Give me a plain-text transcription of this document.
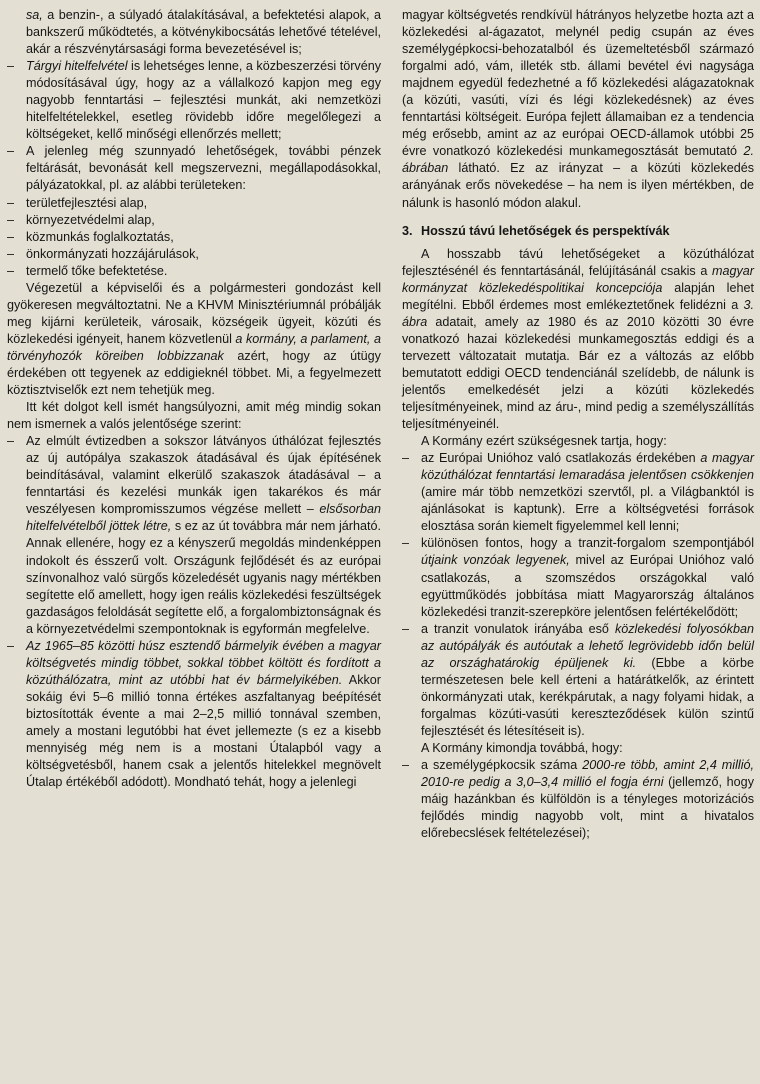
sa, a benzin-, a súlyadó átalakításával, a befektetési alapok, a bankszerű működtetés, a kötvénykibocsátás lehetővé tételével, akár a részvénytársasági forma bevezetésével is;
– Tárgyi hitelfelvétel is lehetséges lenne, a közbeszerzési törvény módosításával úgy, hogy az a vállalkozó kapjon meg egy nagyobb fenntartási – fejlesztési munkát, aki nemzetközi hitelfeltételekkel, esetleg rövidebb időre megelőlegezi a költségeket, kellő minőségi ellenőrzés mellett;
– A jelenleg még szunnyadó lehetőségek, további pénzek feltárását, bevonását kell megszervezni, megállapodásokkal, pályázatokkal, pl. az alábbi területeken:
– területfejlesztési alap,
– környezetvédelmi alap,
– közmunkás foglalkoztatás,
– önkormányzati hozzájárulások,
– termelő tőke befektetése.
Végezetül a képviselői és a polgármesteri gondozást kell gyökeresen megváltoztatni. Ne a KHVM Minisztériumnál próbálják meg kijárni kerületeik, városaik, községeik ügyeit, közúti és közlekedési igényeit, hanem közvetlenül a kormány, a parlament, a törvényhozók köreiben lobbizzanak azért, hogy az útügy érdekében ott tegyenek az eddigieknél többet. Mi, a fegyelmezett köztisztviselők ezt nem tehetjük meg.
Itt két dolgot kell ismét hangsúlyozni, amit még mindig sokan nem ismernek a valós jelentősége szerint:
– Az elmúlt évtizedben a sokszor látványos úthálózat fejlesztés az új autópálya szakaszok átadásával és újak építésének beindításával, valamint elkerülő szakaszok átadásával – a fenntartási és kezelési munkák igen takarékos és már veszélyesen kompromisszumos végzése mellett – elsősorban hitelfelvételből jöttek létre, s ez az út továbbra már nem járható. Annak ellenére, hogy ez a kényszerű megoldás mindenképpen indokolt és ésszerű volt. Országunk fejlődését és az európai színvonalhoz való sürgős közeledését ugyanis nagy mértékben segítette elő amellett, hogy igen reális közlekedési feszültségek gazdaságos feloldását segítette elő, a forgalombiztonságnak és a környezetvédelmi szempontoknak is egyformán megfelelve.
– Az 1965–85 közötti húsz esztendő bármelyik évében a magyar költségvetés mindig többet, sokkal többet költött és fordított a közúthálózatra, mint az utóbbi hat év bármelyikében. Akkor sokáig évi 5–6 millió tonna értékes aszfaltanyag beépítését biztosították évente a mai 2–2,5 millió tonnával szemben, amely a mostani legutóbbi hat évet jellemezte (s ez a kisebb mennyiség még nem is a mostani Útalapból vagy a költségvetésből, hanem csak a jelentős hitelekkel megnövelt Útalap értékéből adódott). Mondható tehát, hogy a jelenlegi
magyar költségvetés rendkívül hátrányos helyzetbe hozta azt a közlekedési al-ágazatot, melynél pedig csupán az éves személygépkocsi-behozatalból és üzemeltetésből származó forgalmi adó, vám, illeték stb. állami bevétel évi nagysága majdnem egyedül fedezhetné a fő közlekedési alágazatoknak (a közúti, vasúti, vízi és légi közlekedésnek) az éves fenntartási költségeit. Európa fejlett államaiban ez a tendencia még erősebb, amint az az európai OECD-államok utóbbi 25 évre vonatkozó közlekedési munkamegosztását bemutató 2. ábrában látható. Ez az irányzat – a közúti közlekedés arányának erős növekedése – ha nem is ilyen mértékben, de nálunk is hasonló módon alakul.
3. Hosszú távú lehetőségek és perspektívák
A hosszabb távú lehetőségeket a közúthálózat fejlesztésénél és fenntartásánál, felújításánál csakis a magyar kormányzat közlekedéspolitikai koncepciója alapján lehet megítélni. Ebből érdemes most emlékeztetőnek felidézni a 3. ábra adatait, amely az 1980 és az 2010 közötti 30 évre vonatkozó hazai közlekedési munkamegosztás eddigi és a tervezett változatait mutatja. Bár ez a változás az előbb bemutatott eddigi OECD tendenciánál szelídebb, de nálunk is jelentős emelkedését jelzi a közúti közlekedés teljesítményeinek, mind az áru-, mind pedig a személyszállítás teljesítményeinél.
A Kormány ezért szükségesnek tartja, hogy:
– az Európai Unióhoz való csatlakozás érdekében a magyar közúthálózat fenntartási lemaradása jelentősen csökkenjen (amire már több nemzetközi szervtől, pl. a Világbanktól is ajánlásokat is kaptunk). Erre a költségvetési források elosztása során kiemelt figyelemmel kell lenni;
– különösen fontos, hogy a tranzit-forgalom szempontjából útjaink vonzóak legyenek, mivel az Európai Unióhoz való csatlakozás, a szomszédos országokkal való együttműködés jobbítása miatt Magyarország általános közlekedési tranzit-szerepköre jelentősen felértékelődött;
– a tranzit vonulatok irányába eső közlekedési folyosókban az autópályák és autóutak a lehető legrövidebb időn belül az országhatárokig épüljenek ki. (Ebbe a körbe természetesen bele kell érteni a határátkelők, az érintett önkormányzati utak, kerékpárutak, a nagy folyami hidak, a forgalmas közúti-vasúti kereszteződések külön szintű fejlesztését és létesítéseit is).
A Kormány kimondja továbbá, hogy:
– a személygépkocsik száma 2000-re több, amint 2,4 millió, 2010-re pedig a 3,0–3,4 millió el fogja érni (jellemző, hogy máig hazánkban és külföldön is a tényleges motorizációs fejlődés mindig nagyobb volt, mint a hivatalos előrebecslések feltételezései);
